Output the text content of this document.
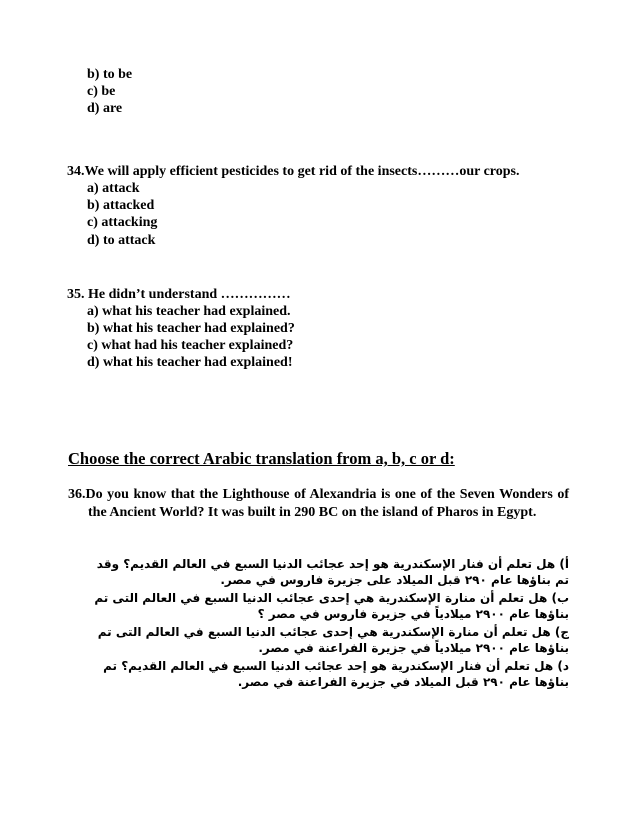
b) to be
c) be
d) are
34.We will apply efficient pesticides to get rid of the insects………our crops.
a) attack
b) attacked
c) attacking
d) to attack
35. He didn’t understand ……………
a) what his teacher had explained.
b) what his teacher had explained?
c) what had his teacher explained?
d) what his teacher had explained!
Choose the correct Arabic translation from a, b, c or d:
36.Do you know that the Lighthouse of Alexandria is one of the Seven Wonders of the Ancient World? It was built in 290 BC on the island of Pharos in Egypt.
أ) هل تعلم أن فنار الإسكندرية هو إحد عجائب الدنيا السبع في العالم القديم؟ وقد تم بناؤها عام ٢٩٠ قبل الميلاد على جزيرة فاروس في مصر.
ب) هل تعلم أن منارة الإسكندرية هي إحدى عجائب الدنيا السبع في العالم التى تم بناؤها عام ٢٩٠٠ ميلادياً في جزيرة فاروس في مصر ؟
ج) هل تعلم أن منارة الإسكندرية هي إحدى عجائب الدنيا السبع في العالم التى تم بناؤها عام ٢٩٠٠ ميلادياً في جزيرة الفراعنة في مصر.
د) هل تعلم أن فنار الإسكندرية هو إحد عجائب الدنيا السبع في العالم القديم؟ تم بناؤها عام ٢٩٠ قبل الميلاد في جزيرة الفراعنة في مصر.
